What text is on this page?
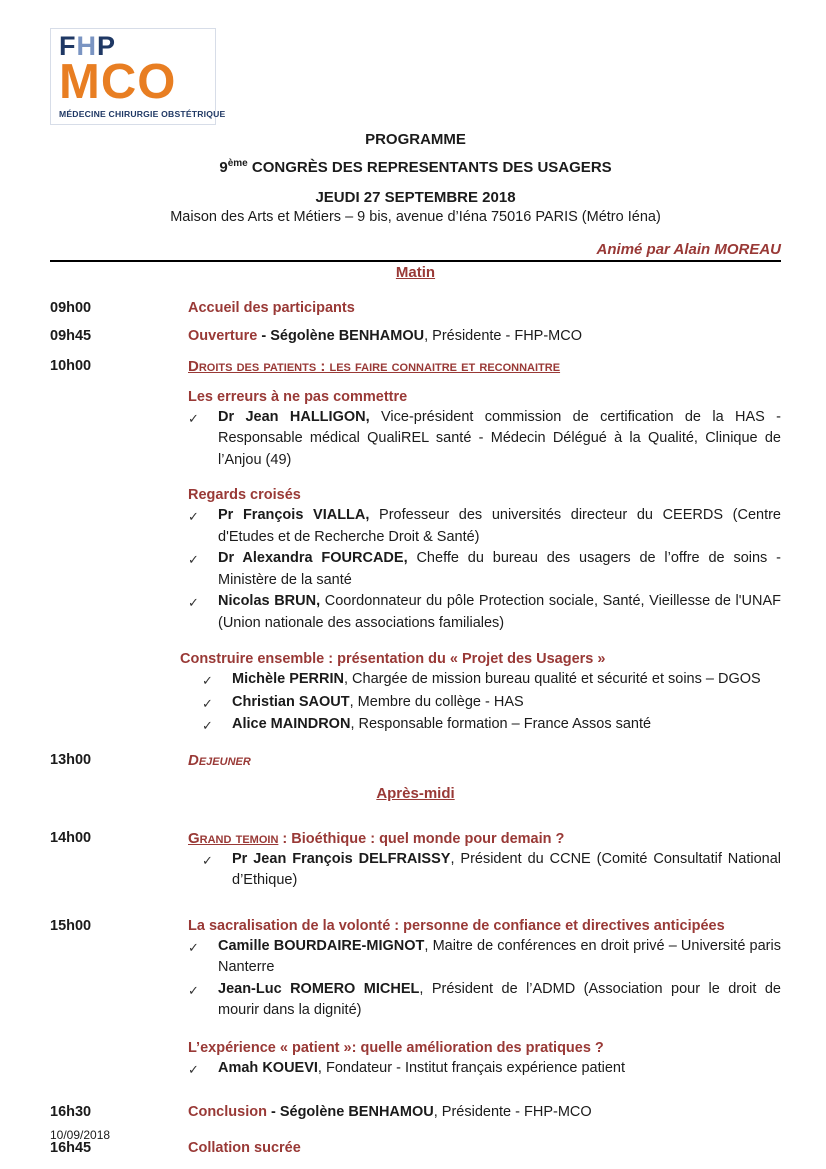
FHP
MCO
MÉDECINE CHIRURGIE OBSTÉTRIQUE
PROGRAMME
9ème CONGRÈS DES REPRESENTANTS DES USAGERS
JEUDI 27 SEPTEMBRE 2018
Maison des Arts et Métiers – 9 bis, avenue d’Iéna 75016 PARIS (Métro Iéna)
Animé par Alain MOREAU
Matin
09h00	Accueil des participants
09h45	Ouverture - Ségolène BENHAMOU, Présidente - FHP-MCO
10h00	Droits des patients : les faire connaitre et reconnaitre
Les erreurs à ne pas commettre
✓	Dr Jean HALLIGON, Vice-président commission de certification de la HAS - Responsable médical QualiREL santé - Médecin Délégué à la Qualité, Clinique de l’Anjou (49)
Regards croisés
✓	Pr François VIALLA, Professeur des universités directeur du CEERDS (Centre d'Etudes et de Recherche Droit & Santé)
✓	Dr Alexandra FOURCADE, Cheffe du bureau des usagers de l’offre de soins - Ministère de la santé
✓	Nicolas BRUN, Coordonnateur du pôle Protection sociale, Santé, Vieillesse de l'UNAF (Union nationale des associations familiales)
Construire ensemble : présentation du « Projet des Usagers »
✓	Michèle PERRIN, Chargée de mission bureau qualité et sécurité et soins – DGOS
✓	Christian SAOUT, Membre du collège - HAS
✓	Alice MAINDRON, Responsable formation – France Assos santé
13h00	Dejeuner
Après-midi
14h00	Grand temoin : Bioéthique : quel monde pour demain ?
✓	Pr Jean François DELFRAISSY, Président du CCNE (Comité Consultatif National d’Ethique)
15h00	La sacralisation de la volonté : personne de confiance et directives anticipées
✓	Camille BOURDAIRE-MIGNOT, Maitre de conférences en droit privé – Université paris Nanterre
✓	Jean-Luc ROMERO MICHEL, Président de l’ADMD (Association pour le droit de mourir dans la dignité)
L’expérience « patient »: quelle amélioration des pratiques ?
✓	Amah KOUEVI, Fondateur - Institut français expérience patient
16h30	Conclusion - Ségolène BENHAMOU, Présidente - FHP-MCO
16h45	Collation sucrée
10/09/2018
